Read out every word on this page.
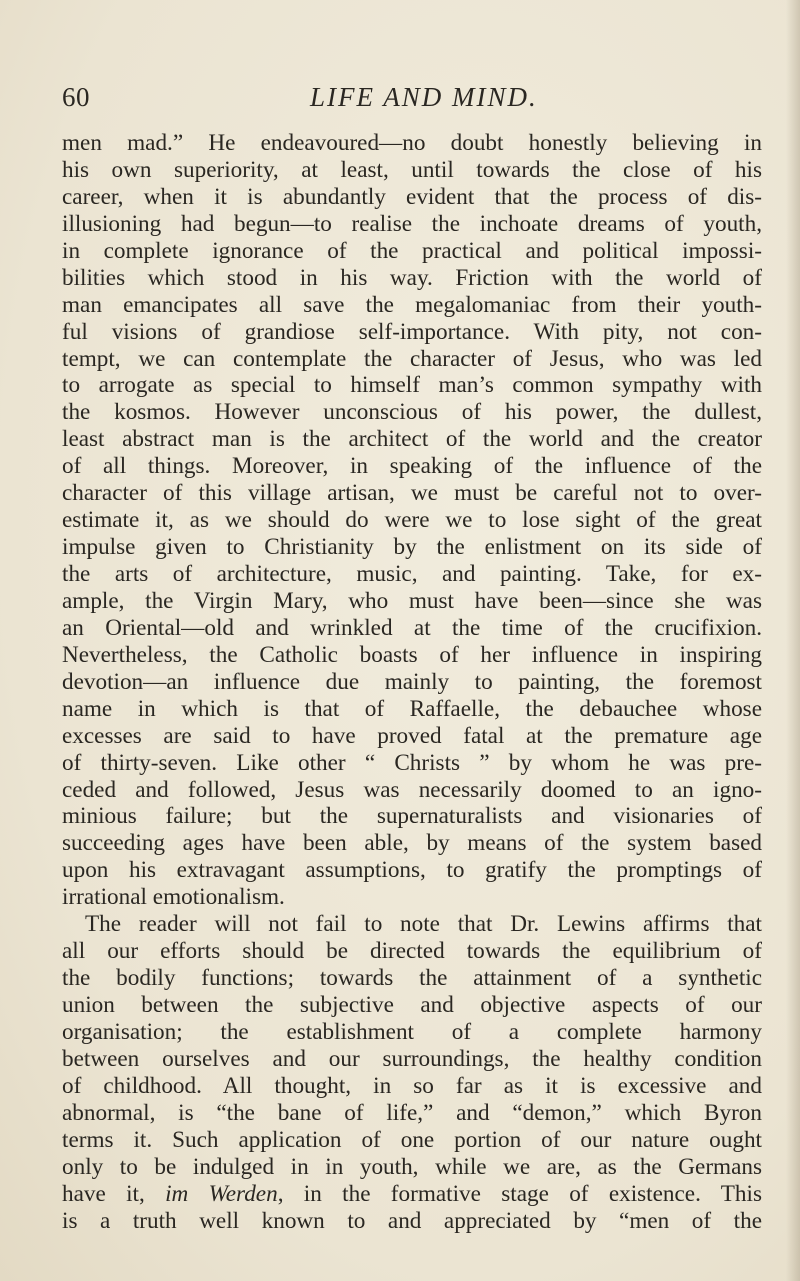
60	LIFE AND MIND.
men mad.” He endeavoured—no doubt honestly believing in
his own superiority, at least, until towards the close of his
career, when it is abundantly evident that the process of dis-
illusioning had begun—to realise the inchoate dreams of youth,
in complete ignorance of the practical and political impossi-
bilities which stood in his way. Friction with the world of
man emancipates all save the megalomaniac from their youth-
ful visions of grandiose self-importance. With pity, not con-
tempt, we can contemplate the character of Jesus, who was led
to arrogate as special to himself man’s common sympathy with
the kosmos. However unconscious of his power, the dullest,
least abstract man is the architect of the world and the creator
of all things. Moreover, in speaking of the influence of the
character of this village artisan, we must be careful not to over-
estimate it, as we should do were we to lose sight of the great
impulse given to Christianity by the enlistment on its side of
the arts of architecture, music, and painting. Take, for ex-
ample, the Virgin Mary, who must have been—since she was
an Oriental—old and wrinkled at the time of the crucifixion.
Nevertheless, the Catholic boasts of her influence in inspiring
devotion—an influence due mainly to painting, the foremost
name in which is that of Raffaelle, the debauchee whose
excesses are said to have proved fatal at the premature age
of thirty-seven. Like other “ Christs ” by whom he was pre-
ceded and followed, Jesus was necessarily doomed to an igno-
minious failure; but the supernaturalists and visionaries of
succeeding ages have been able, by means of the system based
upon his extravagant assumptions, to gratify the promptings of
irrational emotionalism.
The reader will not fail to note that Dr. Lewins affirms that
all our efforts should be directed towards the equilibrium of
the bodily functions; towards the attainment of a synthetic
union between the subjective and objective aspects of our
organisation; the establishment of a complete harmony
between ourselves and our surroundings, the healthy condition
of childhood. All thought, in so far as it is excessive and
abnormal, is “the bane of life,” and “demon,” which Byron
terms it. Such application of one portion of our nature ought
only to be indulged in in youth, while we are, as the Germans
have it, im Werden, in the formative stage of existence. This
is a truth well known to and appreciated by “men of the
